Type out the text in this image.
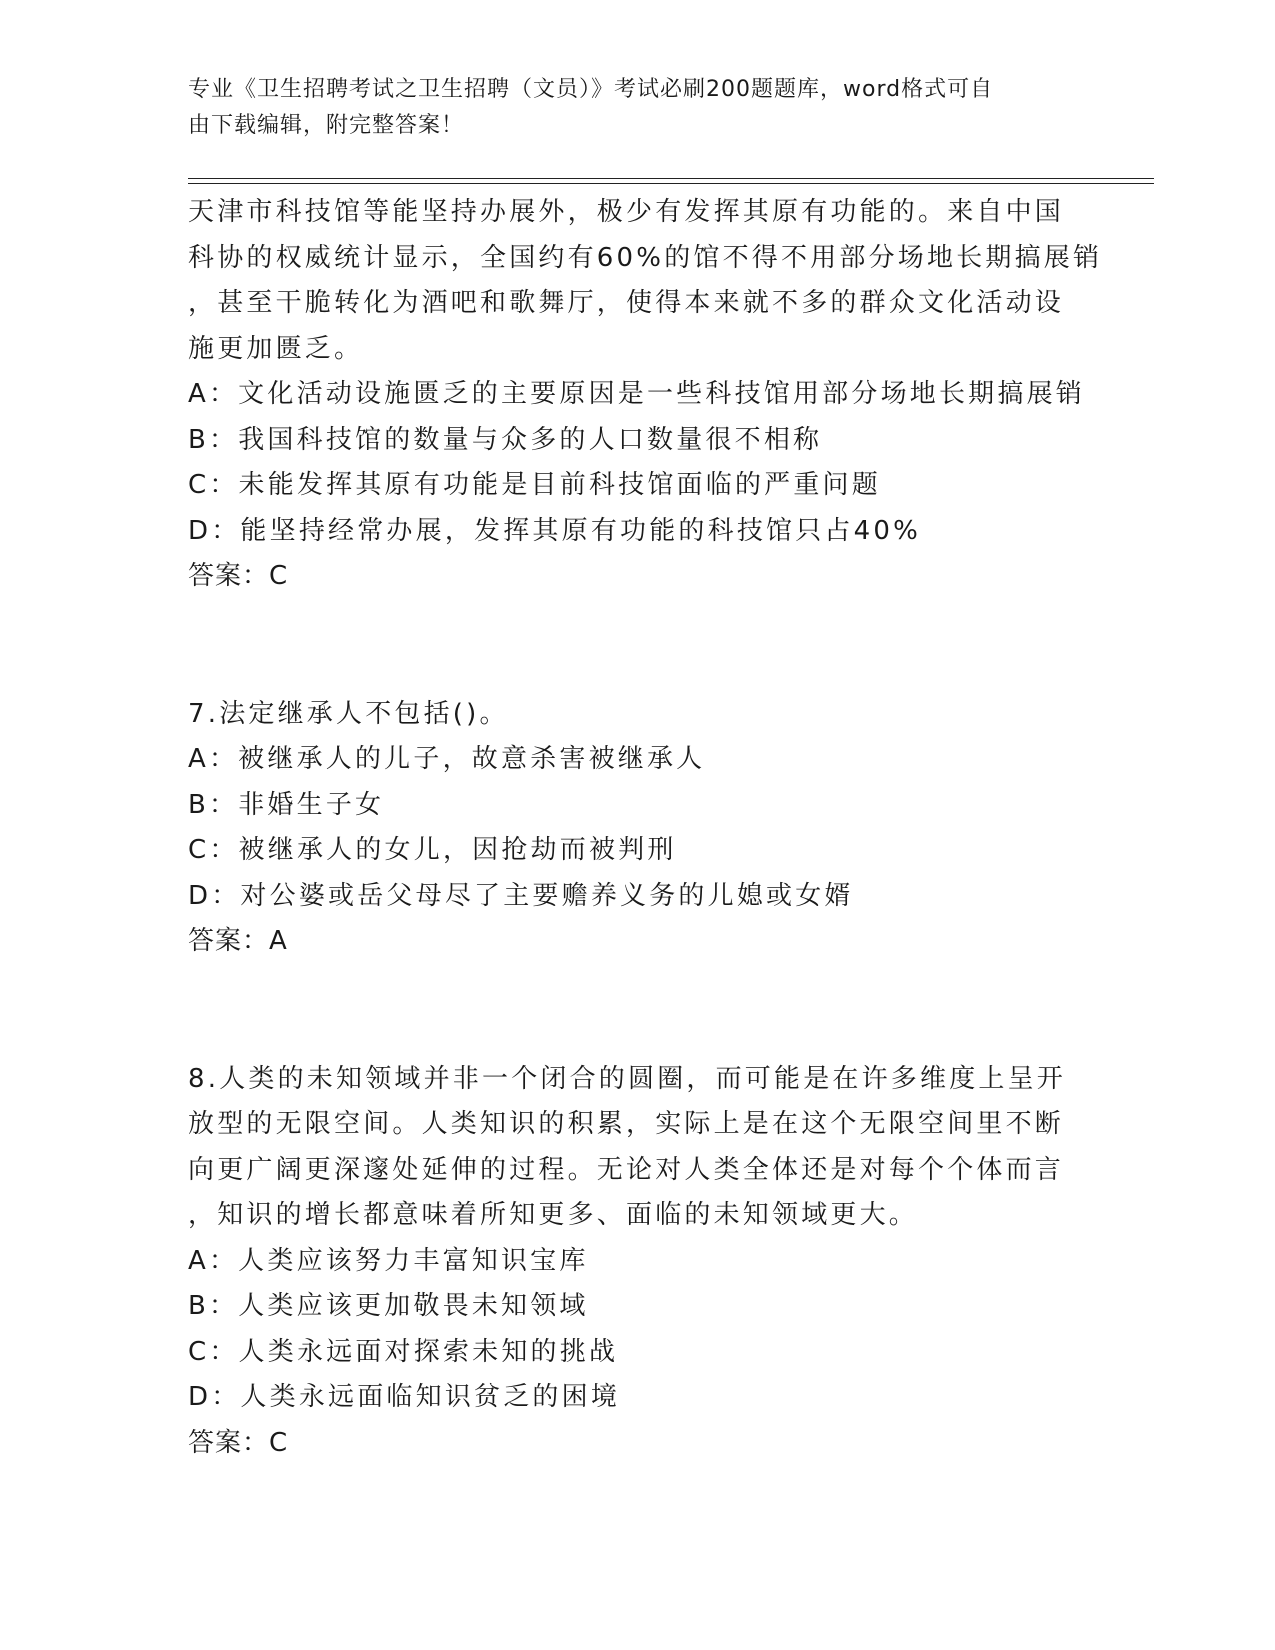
专业《卫生招聘考试之卫生招聘（文员）》考试必刷200题题库，word格式可自
由下载编辑，附完整答案！
天津市科技馆等能坚持办展外，极少有发挥其原有功能的。来自中国
科协的权威统计显示，全国约有60%的馆不得不用部分场地长期搞展销
，甚至干脆转化为酒吧和歌舞厅，使得本来就不多的群众文化活动设
施更加匮乏。
A：文化活动设施匮乏的主要原因是一些科技馆用部分场地长期搞展销
B：我国科技馆的数量与众多的人口数量很不相称
C：未能发挥其原有功能是目前科技馆面临的严重问题
D：能坚持经常办展，发挥其原有功能的科技馆只占40%
答案：C
7.法定继承人不包括()。
A：被继承人的儿子，故意杀害被继承人
B：非婚生子女
C：被继承人的女儿，因抢劫而被判刑
D：对公婆或岳父母尽了主要赡养义务的儿媳或女婿
答案：A
8.人类的未知领域并非一个闭合的圆圈，而可能是在许多维度上呈开
放型的无限空间。人类知识的积累，实际上是在这个无限空间里不断
向更广阔更深邃处延伸的过程。无论对人类全体还是对每个个体而言
，知识的增长都意味着所知更多、面临的未知领域更大。
A：人类应该努力丰富知识宝库
B：人类应该更加敬畏未知领域
C：人类永远面对探索未知的挑战
D：人类永远面临知识贫乏的困境
答案：C
